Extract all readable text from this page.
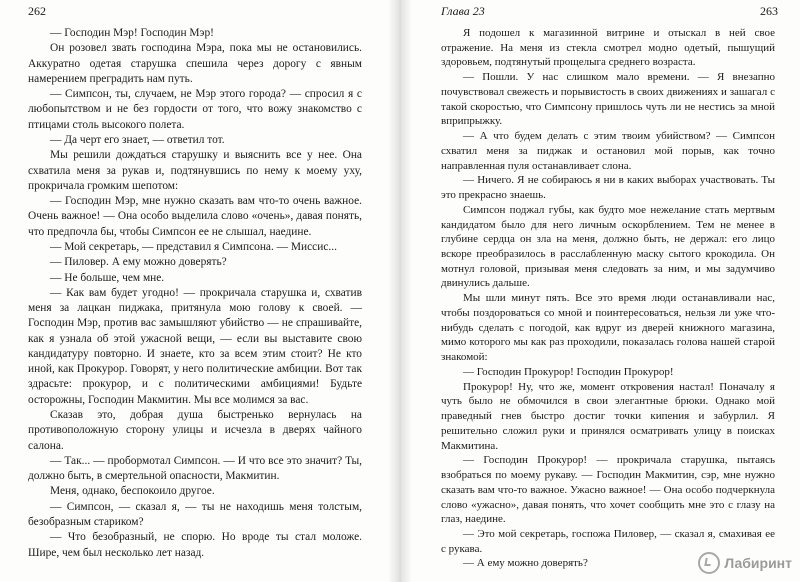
262

— Господин Мэр! Господин Мэр!

Он розовел звать господина Мэра, пока мы не остановились. Аккуратно одетая старушка спешила через дорогу с явным намерением преградить нам путь.

— Симпсон, ты, случаем, не Мэр этого города? — спросил я с любопытством и не без гордости от того, что вожу знакомство с птицами столь высокого полета.

— Да черт его знает, — ответил тот.

Мы решили дождаться старушку и выяснить все у нее. Она схватила меня за рукав и, подтянувшись по нему к моему уху, прокричала громким шепотом:

— Господин Мэр, мне нужно сказать вам что-то очень важное. Очень важное! — Она особо выделила слово «очень», давая понять, что предпочла бы, чтобы Симпсон ее не слышал, наедине.

— Мой секретарь, — представил я Симпсона. — Миссис...

— Пиловер. А ему можно доверять?

— Не больше, чем мне.

— Как вам будет угодно! — прокричала старушка и, схватив меня за лацкан пиджака, притянула мою голову к своей. — Господин Мэр, против вас замышляют убийство — не спрашивайте, как я узнала об этой ужасной вещи, — если вы выставите свою кандидатуру повторно. И знаете, кто за всем этим стоит? Не кто иной, как Прокурор. Говорят, у него политические амбиции. Вот так здрасьте: прокурор, и с политическими амбициями! Будьте осторожны, Господин Макмитин. Мы все молимся за вас.

Сказав это, добрая душа быстренько вернулась на противоположную сторону улицы и исчезла в дверях чайного салона.

— Так... — пробормотал Симпсон. — И что все это значит? Ты, должно быть, в смертельной опасности, Макмитин.

Меня, однако, беспокоило другое.

— Симпсон, — сказал я, — ты не находишь меня толстым, безобразным стариком?

— Что безобразный, не спорю. Но вроде ты стал моложе. Шире, чем был несколько лет назад.

Глава 23	263

Я подошел к магазинной витрине и отыскал в ней свое отражение. На меня из стекла смотрел модно одетый, пышущий здоровьем, подтянутый прощелыга среднего возраста.

— Пошли. У нас слишком мало времени. — Я внезапно почувствовал свежесть и порывистость в своих движениях и зашагал с такой скоростью, что Симпсону пришлось чуть ли не нестись за мной вприпрыжку.

— А что будем делать с этим твоим убийством? — Симпсон схватил меня за пиджак и остановил мой порыв, как точно направленная пуля останавливает слона.

— Ничего. Я не собираюсь я ни в каких выборах участвовать. Ты это прекрасно знаешь.

Симпсон поджал губы, как будто мое нежелание стать мертвым кандидатом было для него личным оскорблением. Тем не менее в глубине сердца он зла на меня, должно быть, не держал: его лицо вскоре преобразилось в расслабленную маску сытого крокодила. Он мотнул головой, призывая меня следовать за ним, и мы задумчиво двинулись дальше.

Мы шли минут пять. Все это время люди останавливали нас, чтобы поздороваться со мной и поинтересоваться, нельзя ли уже что-нибудь сделать с погодой, как вдруг из дверей книжного магазина, мимо которого мы как раз проходили, показалась голова нашей старой знакомой:

— Господин Прокурор! Господин Прокурор!

Прокурор! Ну, что же, момент откровения настал! Поначалу я чуть было не обмочился в свои элегантные брюки. Однако мой праведный гнев быстро достиг точки кипения и забурлил. Я решительно сложил руки и принялся осматривать улицу в поисках Макмитина.

— Господин Прокурор! — прокричала старушка, пытаясь взобраться по моему рукаву. — Господин Макмитин, сэр, мне нужно сказать вам что-то важное. Ужасно важное! — Она особо подчеркнула слово «ужасно», давая понять, что хочет сообщить мне это с глазу на глаз, наедине.

— Это мой секретарь, госпожа Пиловер, — сказал я, смахивая ее с рукава.

— А ему можно доверять?	Лабиринт
